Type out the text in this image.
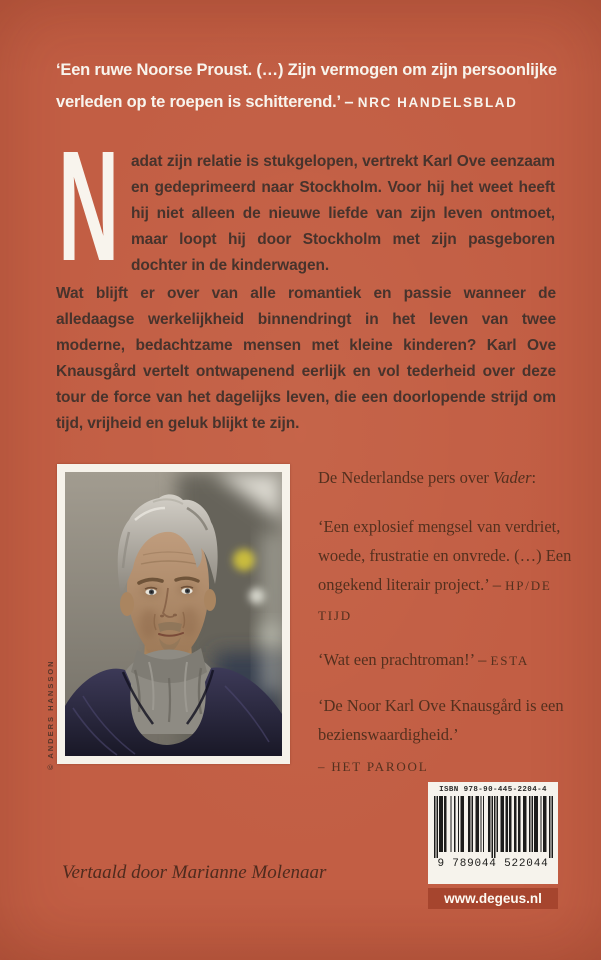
‘Een ruwe Noorse Proust. (…) Zijn vermogen om zijn persoonlijke verleden op te roepen is schitterend.’ – NRC HANDELSBLAD

N adat zijn relatie is stukgelopen, vertrekt Karl Ove eenzaam en gedeprimeerd naar Stockholm. Voor hij het weet heeft hij niet alleen de nieuwe liefde van zijn leven ontmoet, maar loopt hij door Stockholm met zijn pasgeboren dochter in de kinderwagen.

Wat blijft er over van alle romantiek en passie wanneer de alledaagse werkelijkheid binnendringt in het leven van twee moderne, bedachtzame mensen met kleine kinderen? Karl Ove Knausgård vertelt ontwapenend eerlijk en vol tederheid over deze tour de force van het dagelijks leven, die een doorlopende strijd om tijd, vrijheid en geluk blijkt te zijn.

© ANDERS HANSSON

De Nederlandse pers over Vader:

‘Een explosief mengsel van verdriet, woede, frustratie en onvrede. (…) Een ongekend literair project.’ – HP/DE TIJD

‘Wat een prachtroman!’ – ESTA

‘De Noor Karl Ove Knausgård is een bezienswaardigheid.’
– HET PAROOL

Vertaald door Marianne Molenaar

ISBN 978-90-445-2204-4
9 789044 522044
www.degeus.nl
